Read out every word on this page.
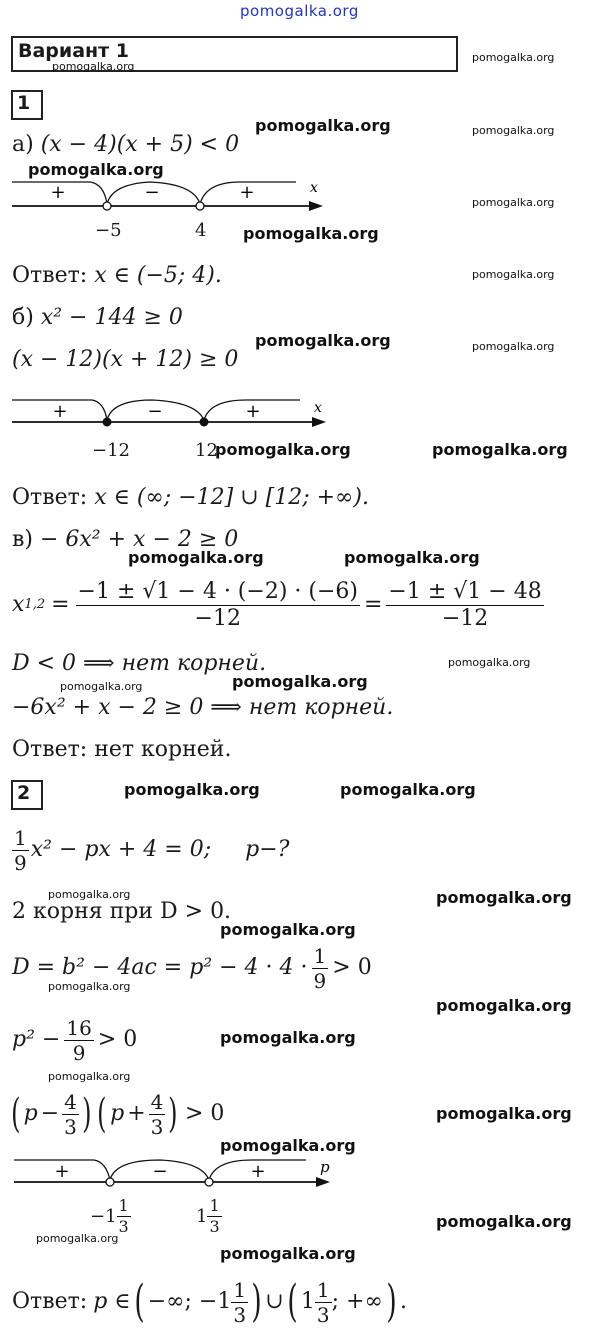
pomogalka.org
Вариант 1
pomogalka.org
pomogalka.org
1
а) (x − 4)(x + 5) < 0
pomogalka.org	pomogalka.org
pomogalka.org
+	−	+	x
−5	4 pomogalka.org
pomogalka.org
Ответ: x ∈ (−5; 4).	pomogalka.org
б) x² − 144 ≥ 0
pomogalka.org	pomogalka.org
(x − 12)(x + 12) ≥ 0
+	−	+	x
−12	12
pomogalka.org	pomogalka.org
Ответ: x ∈ (∞; −12] ∪ [12; +∞).
в) − 6x² + x − 2 ≥ 0
pomogalka.org	pomogalka.org
x $1,2 = \frac{-1 \pm √1 - 4 \cdot (-2) \cdot (-6)}{-12} = \frac{-1 \pm √1 - 48}{-12}$
D < 0 ⟹ нет корней.	pomogalka.org
pomogalka.org	pomogalka.org
−6x² + x − 2 ≥ 0 ⟹ нет корней.
Ответ: нет корней.
2	pomogalka.org	pomogalka.org
$\frac{1}{9} x^2$ − px + 4 = 0; p−?
pomogalka.org	pomogalka.org
2 корня при D > 0.
pomogalka.org
$D = b^2 - 4ac = p^2 - 4 \cdot 4 \cdot \frac{1}{9} > 0$
pomogalka.org
pomogalka.org
$p^2 - \frac{16}{9} > 0$	pomogalka.org
pomogalka.org
( $p - \frac{4}{3}$ ) ( $p + \frac{4}{3}$ ) > 0	pomogalka.org
pomogalka.org
+	−	+	p
$-1 \frac{1}{3}$	$1 \frac{1}{3}$	pomogalka.org
pomogalka.org
pomogalka.org
Ответ: p ∈ ( −∞; $-1 \frac{1}{3}$ ) ∪ ( $1 \frac{1}{3}$ ; +∞ ) .
